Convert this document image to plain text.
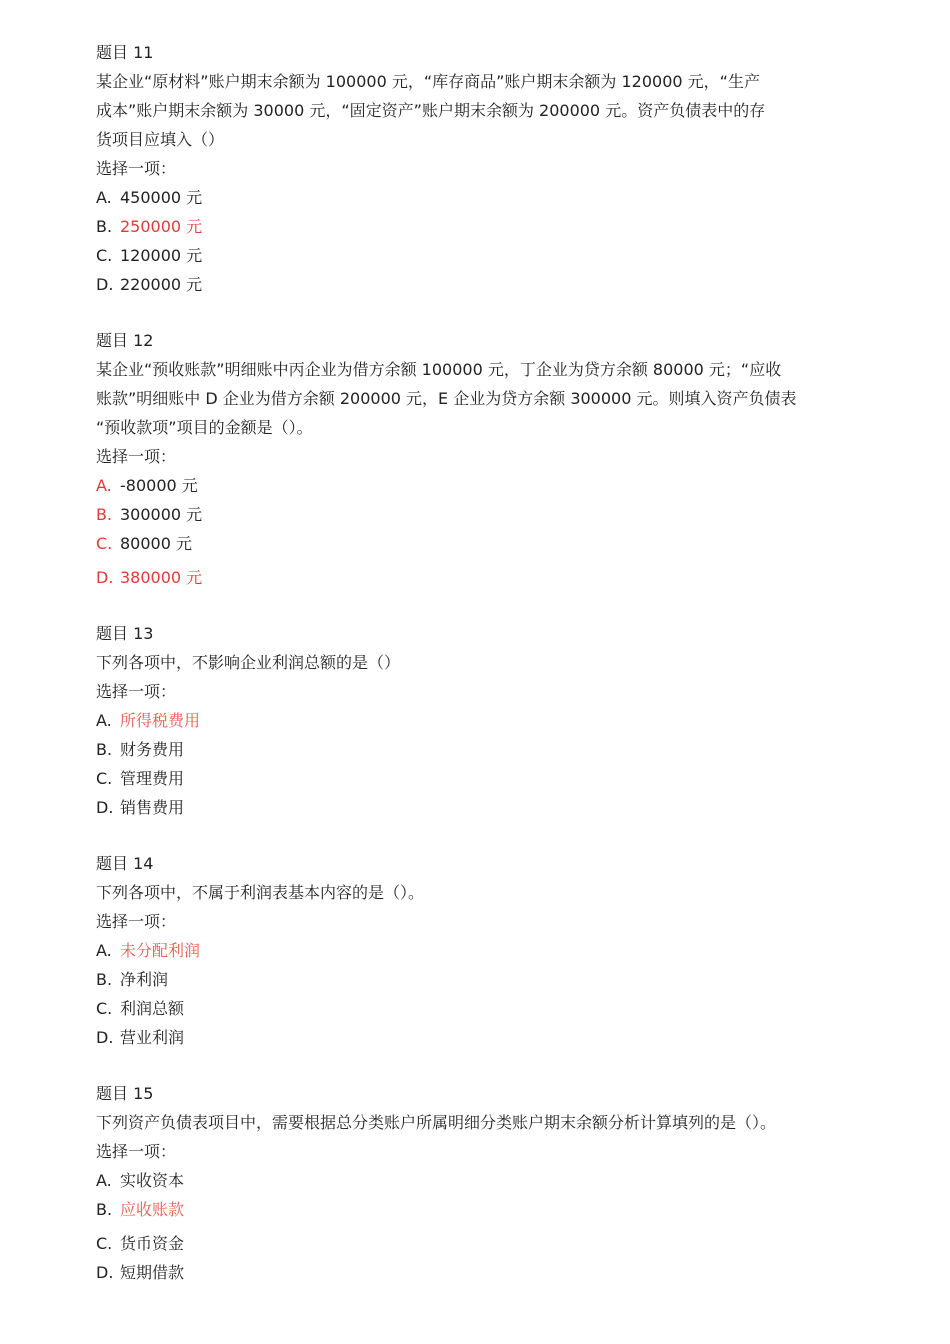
题目 11
某企业“原材料”账户期末余额为 100000 元，“库存商品”账户期末余额为 120000 元，“生产
成本”账户期末余额为 30000 元，“固定资产”账户期末余额为 200000 元。资产负债表中的存
货项目应填入（）
选择一项：
A. 450000 元
B. 250000 元
C. 120000 元
D. 220000 元
题目 12
某企业“预收账款”明细账中丙企业为借方余额 100000 元，丁企业为贷方余额 80000 元；“应收
账款”明细账中 D 企业为借方余额 200000 元，E 企业为贷方余额 300000 元。则填入资产负债表
“预收款项”项目的金额是（）。
选择一项：
A. -80000 元
B. 300000 元
C. 80000 元
D. 380000 元
题目 13
下列各项中，不影响企业利润总额的是（）
选择一项：
A. 所得税费用
B. 财务费用
C. 管理费用
D. 销售费用
题目 14
下列各项中，不属于利润表基本内容的是（）。
选择一项：
A. 未分配利润
B. 净利润
C. 利润总额
D. 营业利润
题目 15
下列资产负债表项目中，需要根据总分类账户所属明细分类账户期末余额分析计算填列的是（）。
选择一项：
A. 实收资本
B. 应收账款
C. 货币资金
D. 短期借款
